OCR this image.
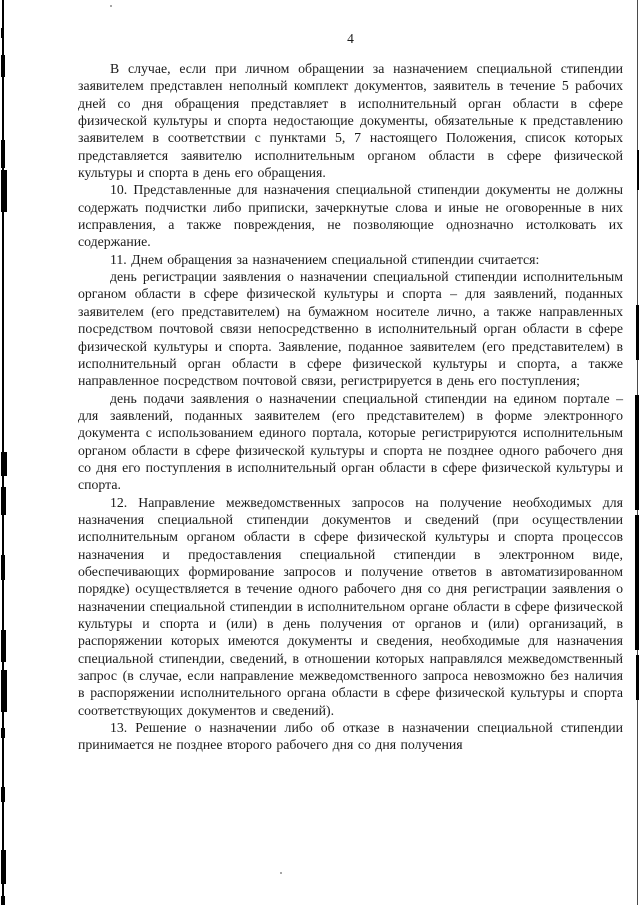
4

В случае, если при личном обращении за назначением специальной стипендии заявителем представлен неполный комплект документов, заявитель в течение 5 рабочих дней со дня обращения представляет в исполнительный орган области в сфере физической культуры и спорта недостающие документы, обязательные к представлению заявителем в соответствии с пунктами 5, 7 настоящего Положения, список которых представляется заявителю исполнительным органом области в сфере физической культуры и спорта в день его обращения.

10. Представленные для назначения специальной стипендии документы не должны содержать подчистки либо приписки, зачеркнутые слова и иные не оговоренные в них исправления, а также повреждения, не позволяющие однозначно истолковать их содержание.

11. Днем обращения за назначением специальной стипендии считается:

день регистрации заявления о назначении специальной стипендии исполнительным органом области в сфере физической культуры и спорта – для заявлений, поданных заявителем (его представителем) на бумажном носителе лично, а также направленных посредством почтовой связи непосредственно в исполнительный орган области в сфере физической культуры и спорта. Заявление, поданное заявителем (его представителем) в исполнительный орган области в сфере физической культуры и спорта, а также направленное посредством почтовой связи, регистрируется в день его поступления;

день подачи заявления о назначении специальной стипендии на едином портале – для заявлений, поданных заявителем (его представителем) в форме электронного документа с использованием единого портала, которые регистрируются исполнительным органом области в сфере физической культуры и спорта не позднее одного рабочего дня со дня его поступления в исполнительный орган области в сфере физической культуры и спорта.

12. Направление межведомственных запросов на получение необходимых для назначения специальной стипендии документов и сведений (при осуществлении исполнительным органом области в сфере физической культуры и спорта процессов назначения и предоставления специальной стипендии в электронном виде, обеспечивающих формирование запросов и получение ответов в автоматизированном порядке) осуществляется в течение одного рабочего дня со дня регистрации заявления о назначении специальной стипендии в исполнительном органе области в сфере физической культуры и спорта и (или) в день получения от органов и (или) организаций, в распоряжении которых имеются документы и сведения, необходимые для назначения специальной стипендии, сведений, в отношении которых направлялся межведомственный запрос (в случае, если направление межведомственного запроса невозможно без наличия в распоряжении исполнительного органа области в сфере физической культуры и спорта соответствующих документов и сведений).

13. Решение о назначении либо об отказе в назначении специальной стипендии принимается не позднее второго рабочего дня со дня получения
